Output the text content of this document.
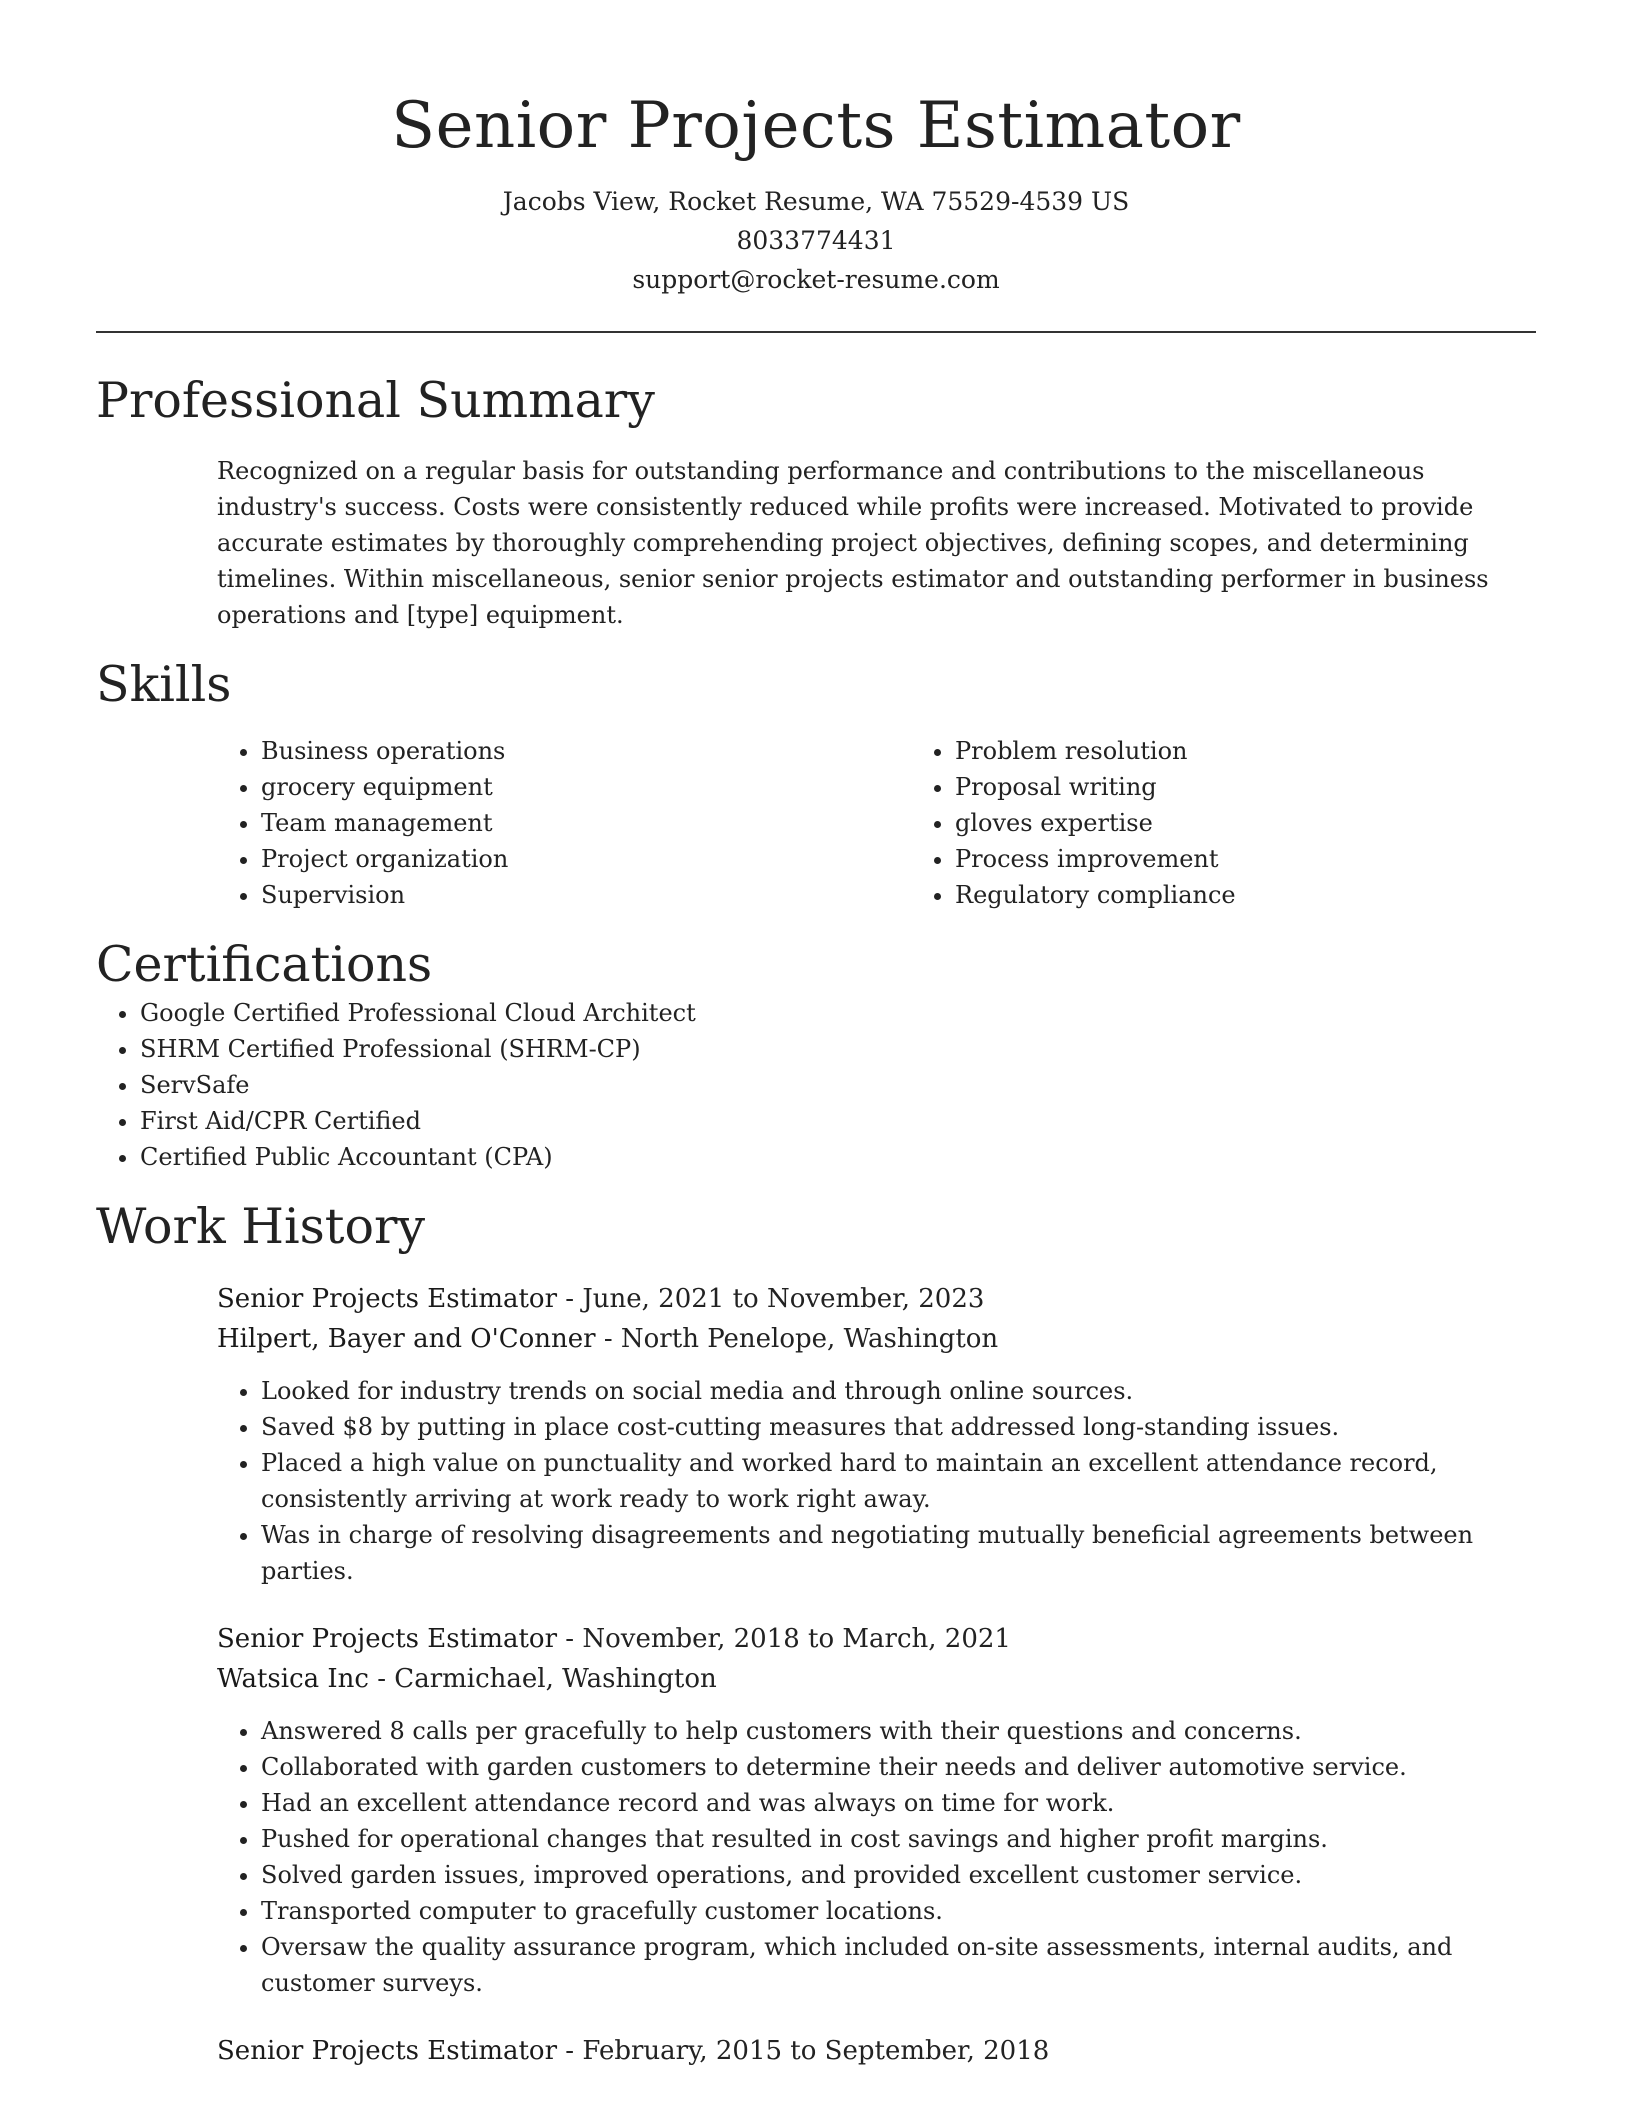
Senior Projects Estimator
Jacobs View, Rocket Resume, WA 75529-4539 US
8033774431
support@rocket-resume.com
Professional Summary
Recognized on a regular basis for outstanding performance and contributions to the miscellaneous industry's success. Costs were consistently reduced while profits were increased. Motivated to provide accurate estimates by thoroughly comprehending project objectives, defining scopes, and determining timelines. Within miscellaneous, senior senior projects estimator and outstanding performer in business operations and [type] equipment.
Skills
• Business operations
• grocery equipment
• Team management
• Project organization
• Supervision
• Problem resolution
• Proposal writing
• gloves expertise
• Process improvement
• Regulatory compliance
Certifications
• Google Certified Professional Cloud Architect
• SHRM Certified Professional (SHRM-CP)
• ServSafe
• First Aid/CPR Certified
• Certified Public Accountant (CPA)
Work History
Senior Projects Estimator - June, 2021 to November, 2023
Hilpert, Bayer and O'Conner - North Penelope, Washington
• Looked for industry trends on social media and through online sources.
• Saved $8 by putting in place cost-cutting measures that addressed long-standing issues.
• Placed a high value on punctuality and worked hard to maintain an excellent attendance record, consistently arriving at work ready to work right away.
• Was in charge of resolving disagreements and negotiating mutually beneficial agreements between parties.
Senior Projects Estimator - November, 2018 to March, 2021
Watsica Inc - Carmichael, Washington
• Answered 8 calls per gracefully to help customers with their questions and concerns.
• Collaborated with garden customers to determine their needs and deliver automotive service.
• Had an excellent attendance record and was always on time for work.
• Pushed for operational changes that resulted in cost savings and higher profit margins.
• Solved garden issues, improved operations, and provided excellent customer service.
• Transported computer to gracefully customer locations.
• Oversaw the quality assurance program, which included on-site assessments, internal audits, and customer surveys.
Senior Projects Estimator - February, 2015 to September, 2018
